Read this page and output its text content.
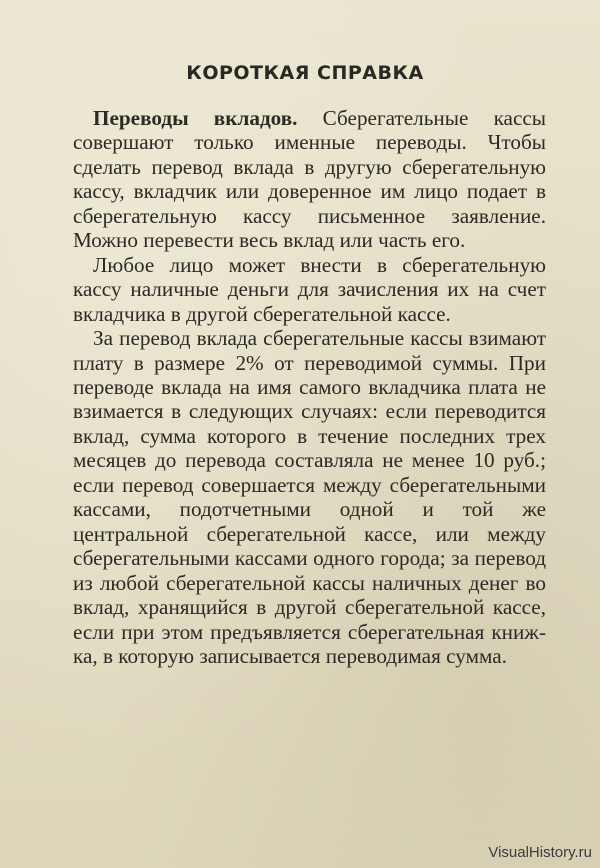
КОРОТКАЯ СПРАВКА

Переводы вкладов. Сберегательные кассы совершают только именные переводы. Чтобы сделать перевод вклада в другую сберегательную кассу, вкладчик или доверенное им лицо подает в сберегательную кассу письменное заявление. Можно перевести весь вклад или часть его.

Любое лицо может внести в сберегательную кассу наличные деньги для зачисления их на счет вкладчика в другой сберегательной кассе.

За перевод вклада сберегательные кассы взимают плату в размере 2% от переводимой суммы. При переводе вклада на имя самого вкладчика плата не взимается в следующих случаях: если переводится вклад, сумма которого в течение последних трех месяцев до перевода составляла не менее 10 руб.; если перевод совершается между сберегательными кассами, подотчетными одной и той же центральной сберегательной кассе, или между сберегательными кассами одного города; за перевод из любой сберегательной кассы наличных денег во вклад, хранящийся в другой сберегательной кассе, если при этом предъявляется сберегательная книжка, в которую записывается переводимая сумма.

VisualHistory.ru
